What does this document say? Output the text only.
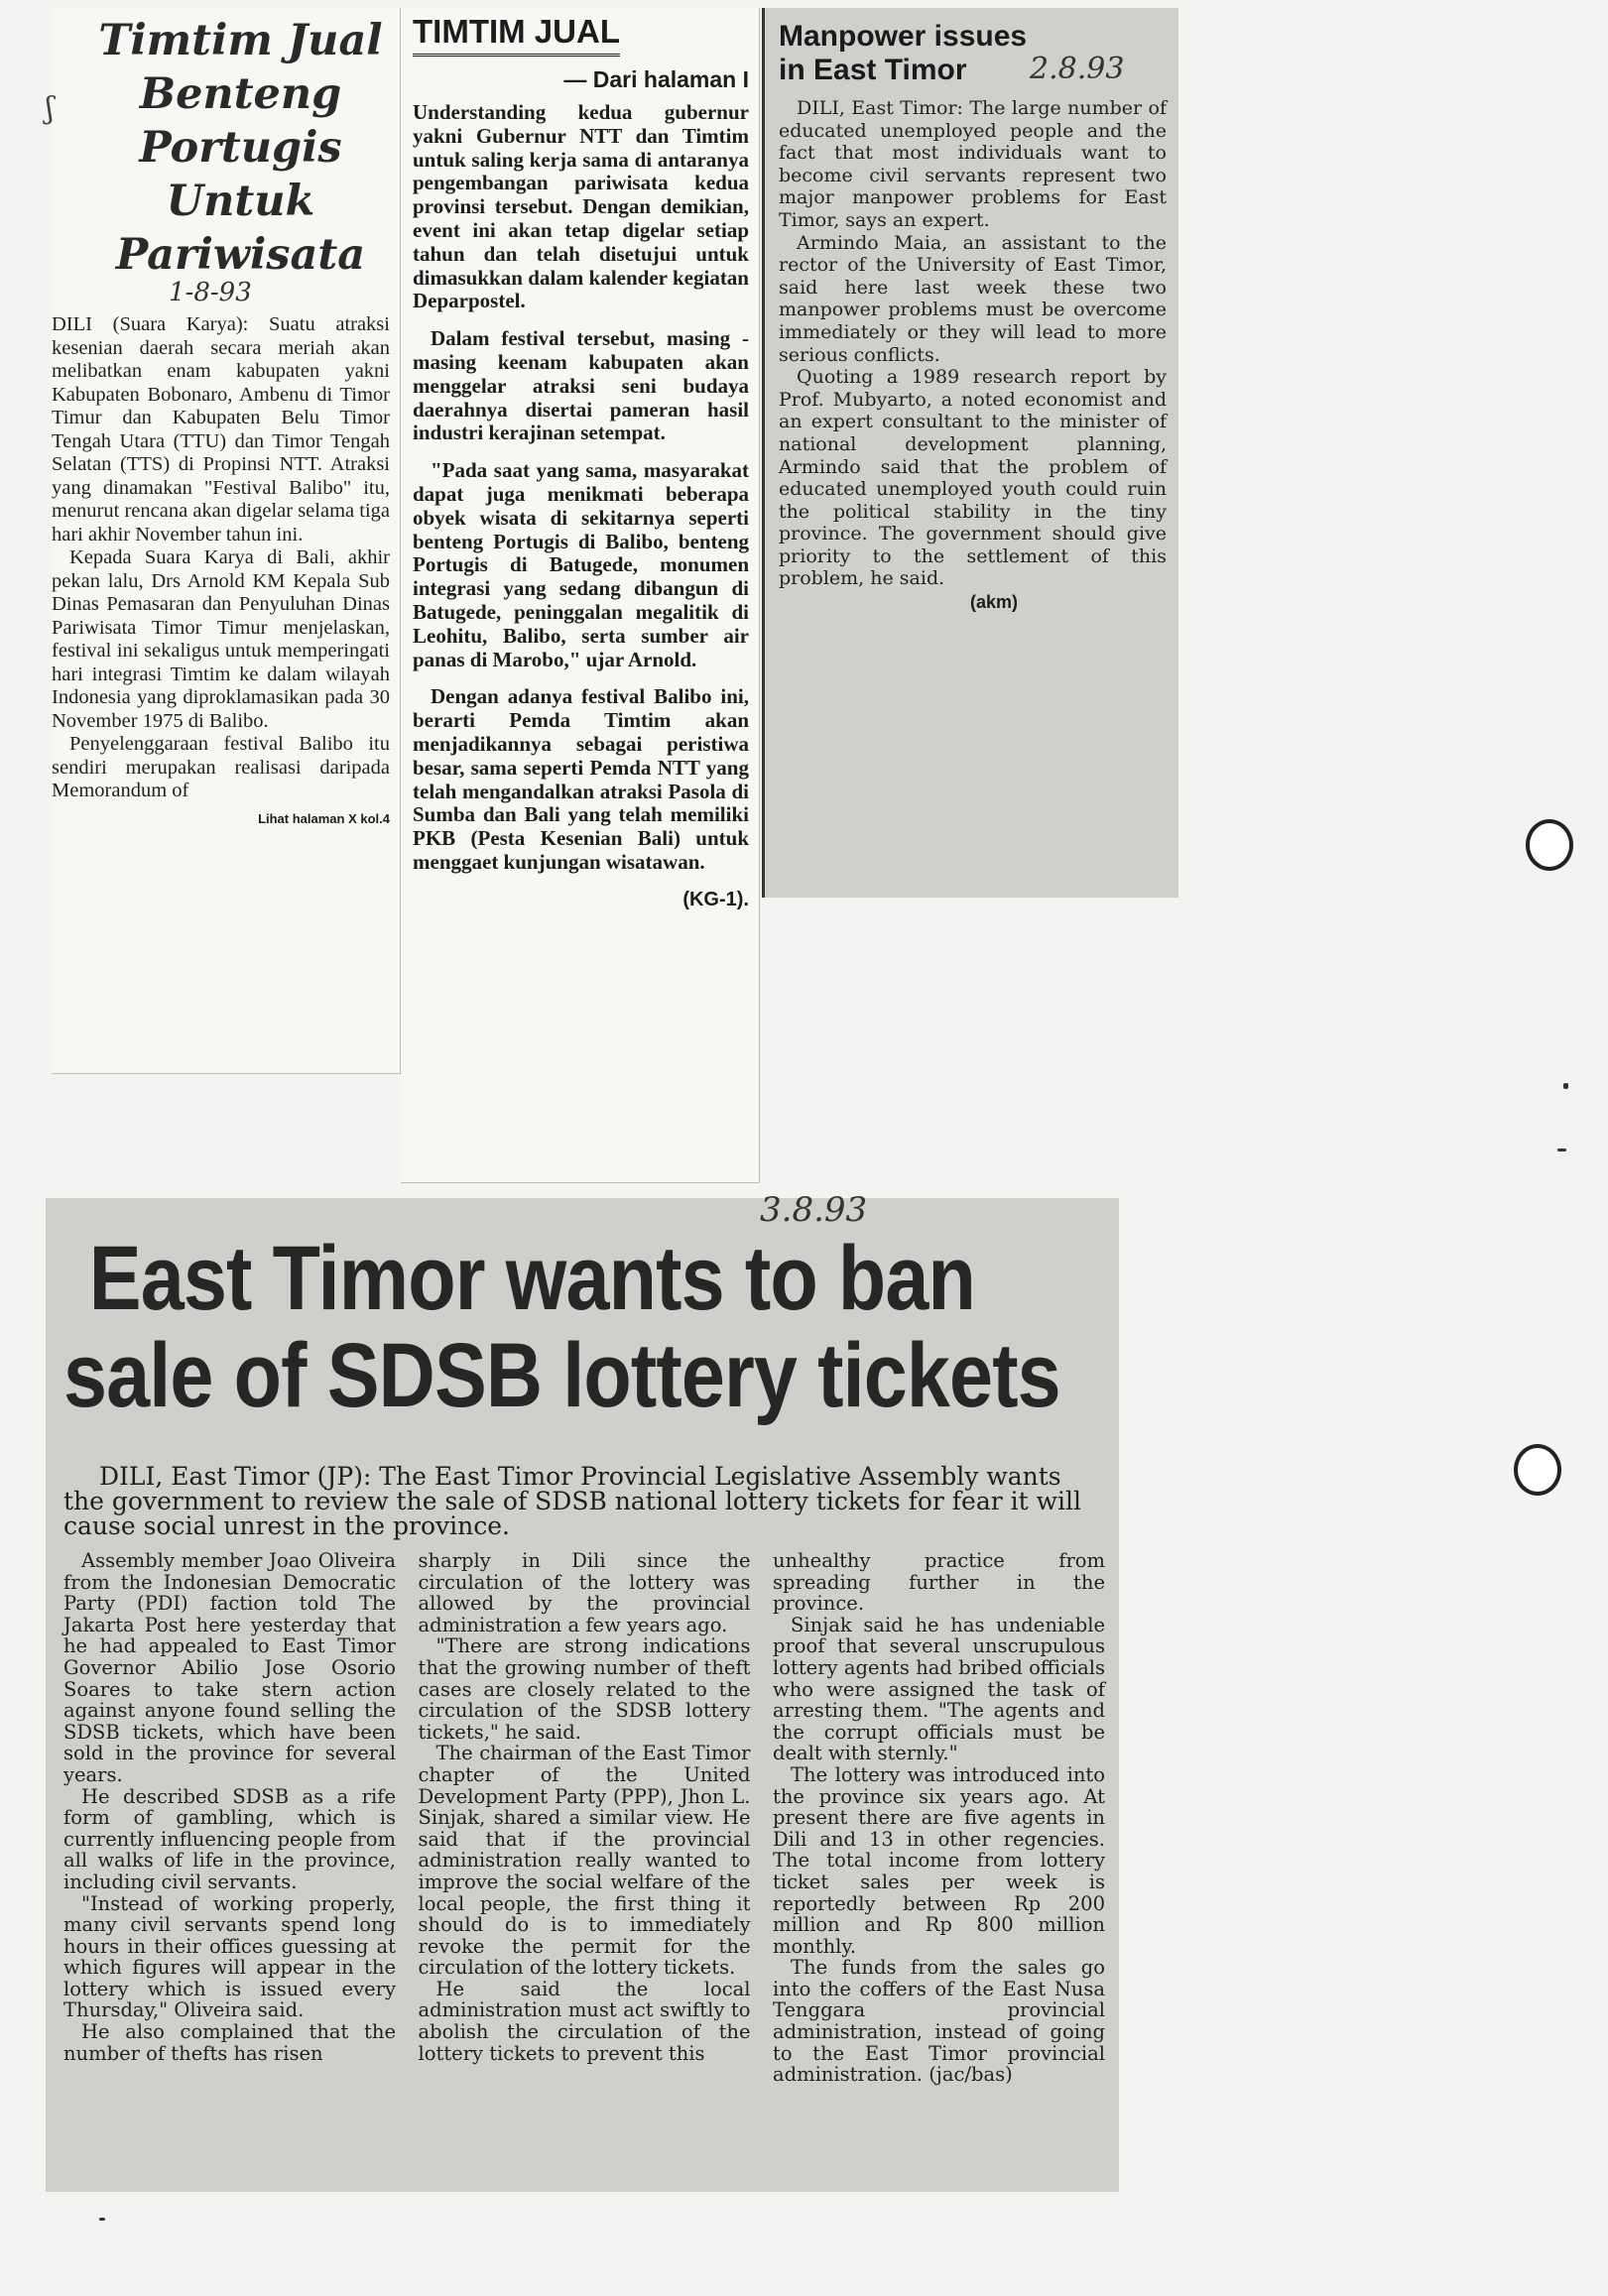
Timtim Jual
Benteng
Portugis
Untuk
Pariwisata
1-8-93

DILI (Suara Karya): Suatu atraksi kesenian daerah secara meriah akan melibatkan enam kabupaten yakni Kabupaten Bobonaro, Ambenu di Timor Timur dan Kabupaten Belu Timor Tengah Utara (TTU) dan Timor Tengah Selatan (TTS) di Propinsi NTT. Atraksi yang dinamakan "Festival Balibo" itu, menurut rencana akan digelar selama tiga hari akhir November tahun ini.

Kepada Suara Karya di Bali, akhir pekan lalu, Drs Arnold KM Kepala Sub Dinas Pemasaran dan Penyuluhan Dinas Pariwisata Timor Timur menjelaskan, festival ini sekaligus untuk memperingati hari integrasi Timtim ke dalam wilayah Indonesia yang diproklamasikan pada 30 November 1975 di Balibo.

Penyelenggaraan festival Balibo itu sendiri merupakan realisasi daripada Memorandum of

Lihat halaman X kol.4
ʃ
TIMTIM JUAL
— Dari halaman I

Understanding kedua gubernur yakni Gubernur NTT dan Timtim untuk saling kerja sama di antaranya pengembangan pariwisata kedua provinsi tersebut. Dengan demikian, event ini akan tetap digelar setiap tahun dan telah disetujui untuk dimasukkan dalam kalender kegiatan Deparpostel.

Dalam festival tersebut, masing - masing keenam kabupaten akan menggelar atraksi seni budaya daerahnya disertai pameran hasil industri kerajinan setempat.

"Pada saat yang sama, masyarakat dapat juga menikmati beberapa obyek wisata di sekitarnya seperti benteng Portugis di Balibo, benteng Portugis di Batugede, monumen integrasi yang sedang dibangun di Batugede, peninggalan megalitik di Leohitu, Balibo, serta sumber air panas di Marobo," ujar Arnold.

Dengan adanya festival Balibo ini, berarti Pemda Timtim akan menjadikannya sebagai peristiwa besar, sama seperti Pemda NTT yang telah mengandalkan atraksi Pasola di Sumba dan Bali yang telah memiliki PKB (Pesta Kesenian Bali) untuk menggaet kunjungan wisatawan.

(KG-1).
Manpower issues
in East Timor

DILI, East Timor: The large number of educated unemployed people and the fact that most individuals want to become civil servants represent two major manpower problems for East Timor, says an expert.

Armindo Maia, an assistant to the rector of the University of East Timor, said here last week these two manpower problems must be overcome immediately or they will lead to more serious conflicts.

Quoting a 1989 research report by Prof. Mubyarto, a noted economist and an expert consultant to the minister of national development planning, Armindo said that the problem of educated unemployed youth could ruin the political stability in the tiny province. The government should give priority to the settlement of this problem, he said.

(akm)
2.8.93
East Timor wants to ban
sale of SDSB lottery tickets
DILI, East Timor (JP): The East Timor Provincial Legislative Assembly wants the government to review the sale of SDSB national lottery tickets for fear it will cause social unrest in the province.

Assembly member Joao Oliveira from the Indonesian Democratic Party (PDI) faction told The Jakarta Post here yesterday that he had appealed to East Timor Governor Abilio Jose Osorio Soares to take stern action against anyone found selling the SDSB tickets, which have been sold in the province for several years.

He described SDSB as a rife form of gambling, which is currently influencing people from all walks of life in the province, including civil servants.

"Instead of working properly, many civil servants spend long hours in their offices guessing at which figures will appear in the lottery which is issued every Thursday," Oliveira said.

He also complained that the number of thefts has risen

sharply in Dili since the circulation of the lottery was allowed by the provincial administration a few years ago.

"There are strong indications that the growing number of theft cases are closely related to the circulation of the SDSB lottery tickets," he said.

The chairman of the East Timor chapter of the United Development Party (PPP), Jhon L. Sinjak, shared a similar view. He said that if the provincial administration really wanted to improve the social welfare of the local people, the first thing it should do is to immediately revoke the permit for the circulation of the lottery tickets.

He said the local administration must act swiftly to abolish the circulation of the lottery tickets to prevent this

unhealthy practice from spreading further in the province.

Sinjak said he has undeniable proof that several unscrupulous lottery agents had bribed officials who were assigned the task of arresting them. "The agents and the corrupt officials must be dealt with sternly."

The lottery was introduced into the province six years ago. At present there are five agents in Dili and 13 in other regencies. The total income from lottery ticket sales per week is reportedly between Rp 200 million and Rp 800 million monthly.

The funds from the sales go into the coffers of the East Nusa Tenggara provincial administration, instead of going to the East Timor provincial administration. (jac/bas)

3.8.93
